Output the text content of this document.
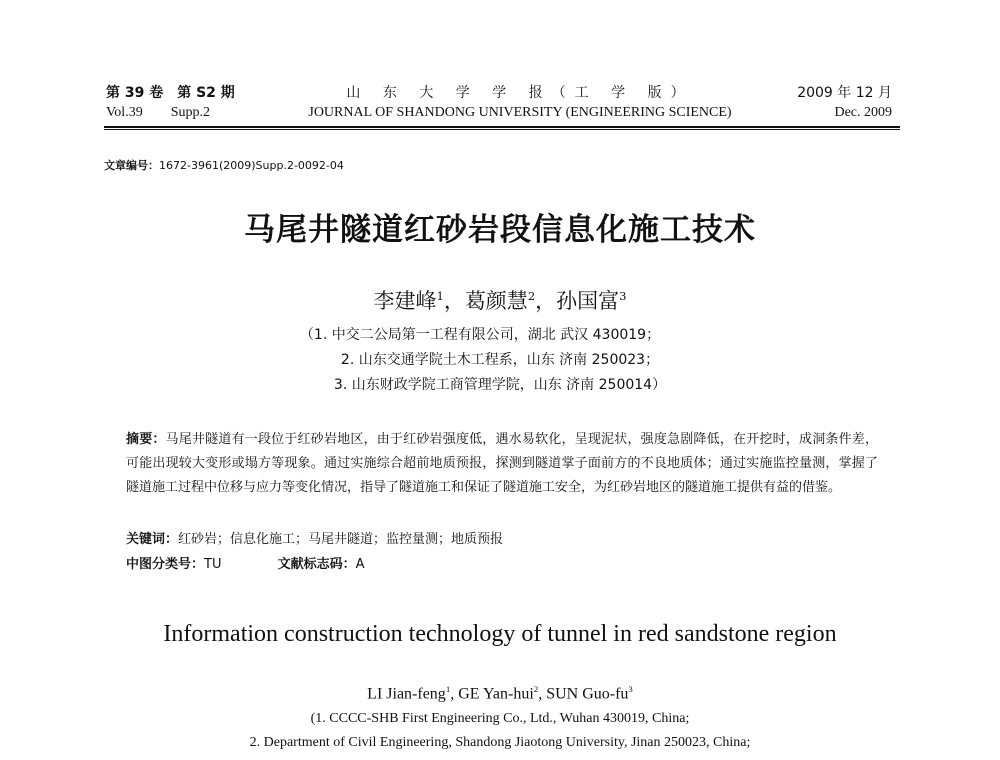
第 39 卷　第 S2 期
Vol.39　　Supp.2
山 东 大 学 学 报（工 学 版）
JOURNAL OF SHANDONG UNIVERSITY (ENGINEERING SCIENCE)
2009 年 12 月
Dec. 2009
文章编号：1672-3961(2009)Supp.2-0092-04
马尾井隧道红砂岩段信息化施工技术
李建峰$^1$，葛颜慧$^2$，孙国富$^3$
（1. 中交二公局第一工程有限公司，湖北 武汉 430019；
2. 山东交通学院土木工程系，山东 济南 250023；
3. 山东财政学院工商管理学院，山东 济南 250014）
摘要：马尾井隧道有一段位于红砂岩地区，由于红砂岩强度低，遇水易软化，呈现泥状，强度急剧降低，在开挖时，成洞条件差，可能出现较大变形或塌方等现象。通过实施综合超前地质预报，探测到隧道掌子面前方的不良地质体；通过实施监控量测，掌握了隧道施工过程中位移与应力等变化情况，指导了隧道施工和保证了隧道施工安全，为红砂岩地区的隧道施工提供有益的借鉴。
关键词：红砂岩；信息化施工；马尾井隧道；监控量测；地质预报
中图分类号：TU	文献标志码：A
Information construction technology of tunnel in red sandstone region
LI Jian-feng$^1$, GE Yan-hui$^2$, SUN Guo-$fu^3$
(1. CCCC-SHB First Engineering Co., Ltd., Wuhan 430019, China;
2. Department of Civil Engineering, Shandong Jiaotong University, Jinan 250023, China;
